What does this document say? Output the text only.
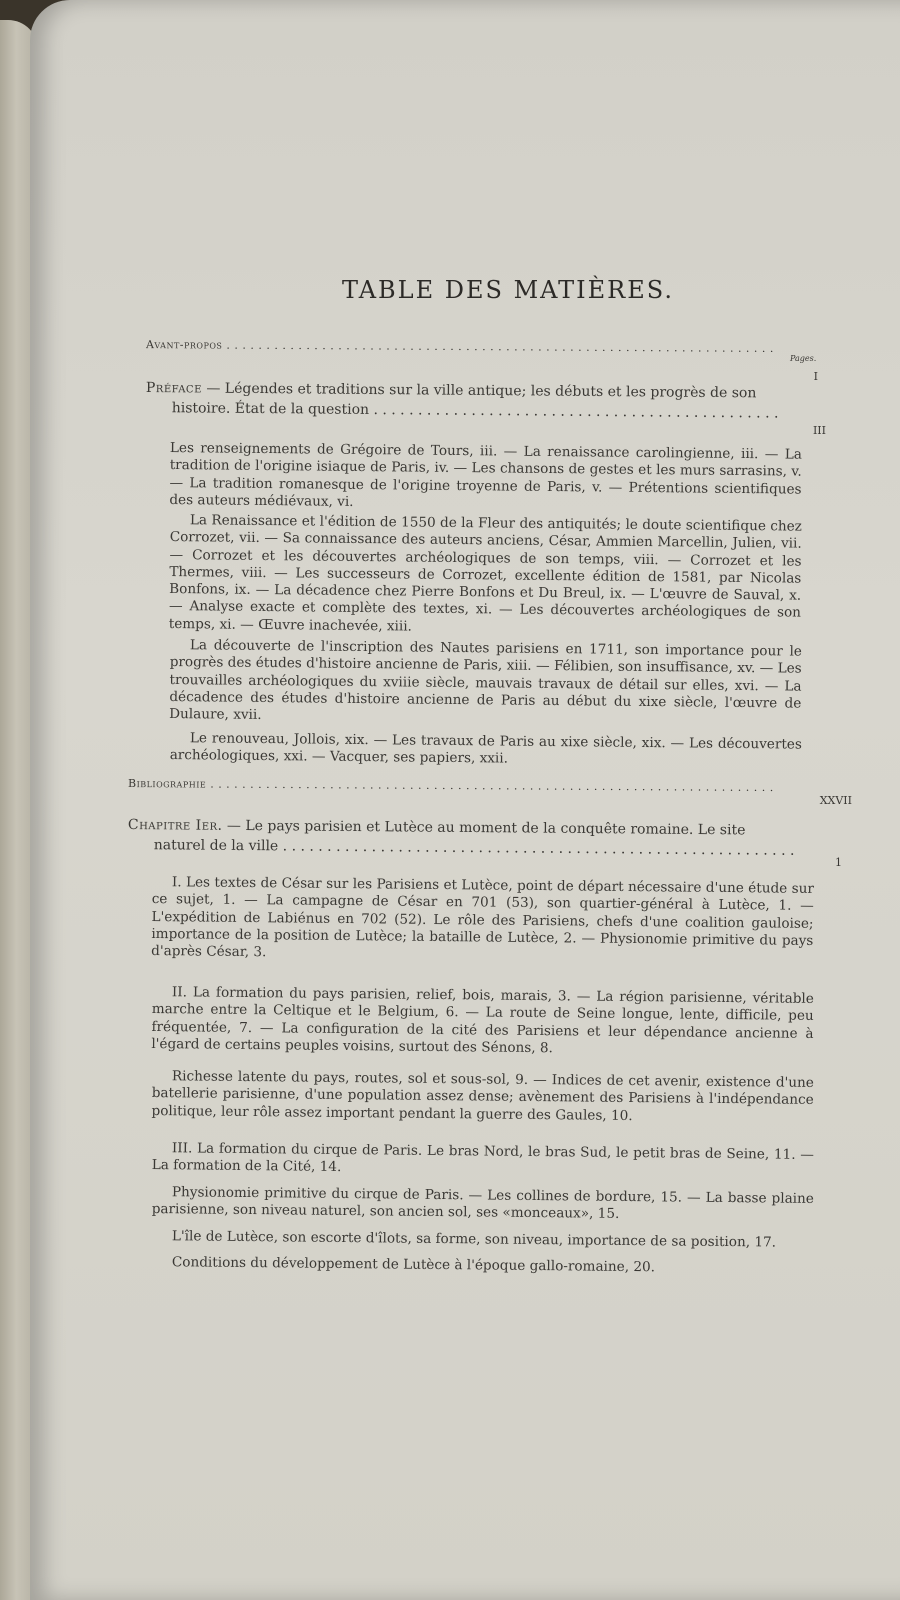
TABLE DES MATIÈRES.
Avant-propos . . .
Pages.
I
Préface — Légendes et traditions sur la ville antique; les débuts et les progrès de son
histoire. État de la question . . .
III
Les renseignements de Grégoire de Tours, iii. — La renaissance carolingienne, iii. — La tradition de l'origine isiaque de Paris, iv. — Les chansons de gestes et les murs sarrasins, v. — La tradition romanesque de l'origine troyenne de Paris, v. — Prétentions scientifiques des auteurs médiévaux, vi.
La Renaissance et l'édition de 1550 de la Fleur des antiquités; le doute scientifique chez Corrozet, vii. — Sa connaissance des auteurs anciens, César, Ammien Marcellin, Julien, vii. — Corrozet et les découvertes archéologiques de son temps, viii. — Corrozet et les Thermes, viii. — Les successeurs de Corrozet, excellente édition de 1581, par Nicolas Bonfons, ix. — La décadence chez Pierre Bonfons et Du Breul, ix. — L'œuvre de Sauval, x. — Analyse exacte et complète des textes, xi. — Les découvertes archéologiques de son temps, xi. — Œuvre inachevée, xiii.
La découverte de l'inscription des Nautes parisiens en 1711, son importance pour le progrès des études d'histoire ancienne de Paris, xiii. — Félibien, son insuffisance, xv. — Les trouvailles archéologiques du xviiie siècle, mauvais travaux de détail sur elles, xvi. — La décadence des études d'histoire ancienne de Paris au début du xixe siècle, l'œuvre de Dulaure, xvii.
Le renouveau, Jollois, xix. — Les travaux de Paris au xixe siècle, xix. — Les découvertes archéologiques, xxi. — Vacquer, ses papiers, xxii.
Bibliographie . . .
XXVII
Chapitre Ier. — Le pays parisien et Lutèce au moment de la conquête romaine. Le site
naturel de la ville . . .
1
I. Les textes de César sur les Parisiens et Lutèce, point de départ nécessaire d'une étude sur ce sujet, 1. — La campagne de César en 701 (53), son quartier-général à Lutèce, 1. — L'expédition de Labiénus en 702 (52). Le rôle des Parisiens, chefs d'une coalition gauloise; importance de la position de Lutèce; la bataille de Lutèce, 2. — Physionomie primitive du pays d'après César, 3.
II. La formation du pays parisien, relief, bois, marais, 3. — La région parisienne, véritable marche entre la Celtique et le Belgium, 6. — La route de Seine longue, lente, difficile, peu fréquentée, 7. — La configuration de la cité des Parisiens et leur dépendance ancienne à l'égard de certains peuples voisins, surtout des Sénons, 8.
Richesse latente du pays, routes, sol et sous-sol, 9. — Indices de cet avenir, existence d'une batellerie parisienne, d'une population assez dense; avènement des Parisiens à l'indépendance politique, leur rôle assez important pendant la guerre des Gaules, 10.
III. La formation du cirque de Paris. Le bras Nord, le bras Sud, le petit bras de Seine, 11. — La formation de la Cité, 14.
Physionomie primitive du cirque de Paris. — Les collines de bordure, 15. — La basse plaine parisienne, son niveau naturel, son ancien sol, ses «monceaux», 15.
L'île de Lutèce, son escorte d'îlots, sa forme, son niveau, importance de sa position, 17.
Conditions du développement de Lutèce à l'époque gallo-romaine, 20.
